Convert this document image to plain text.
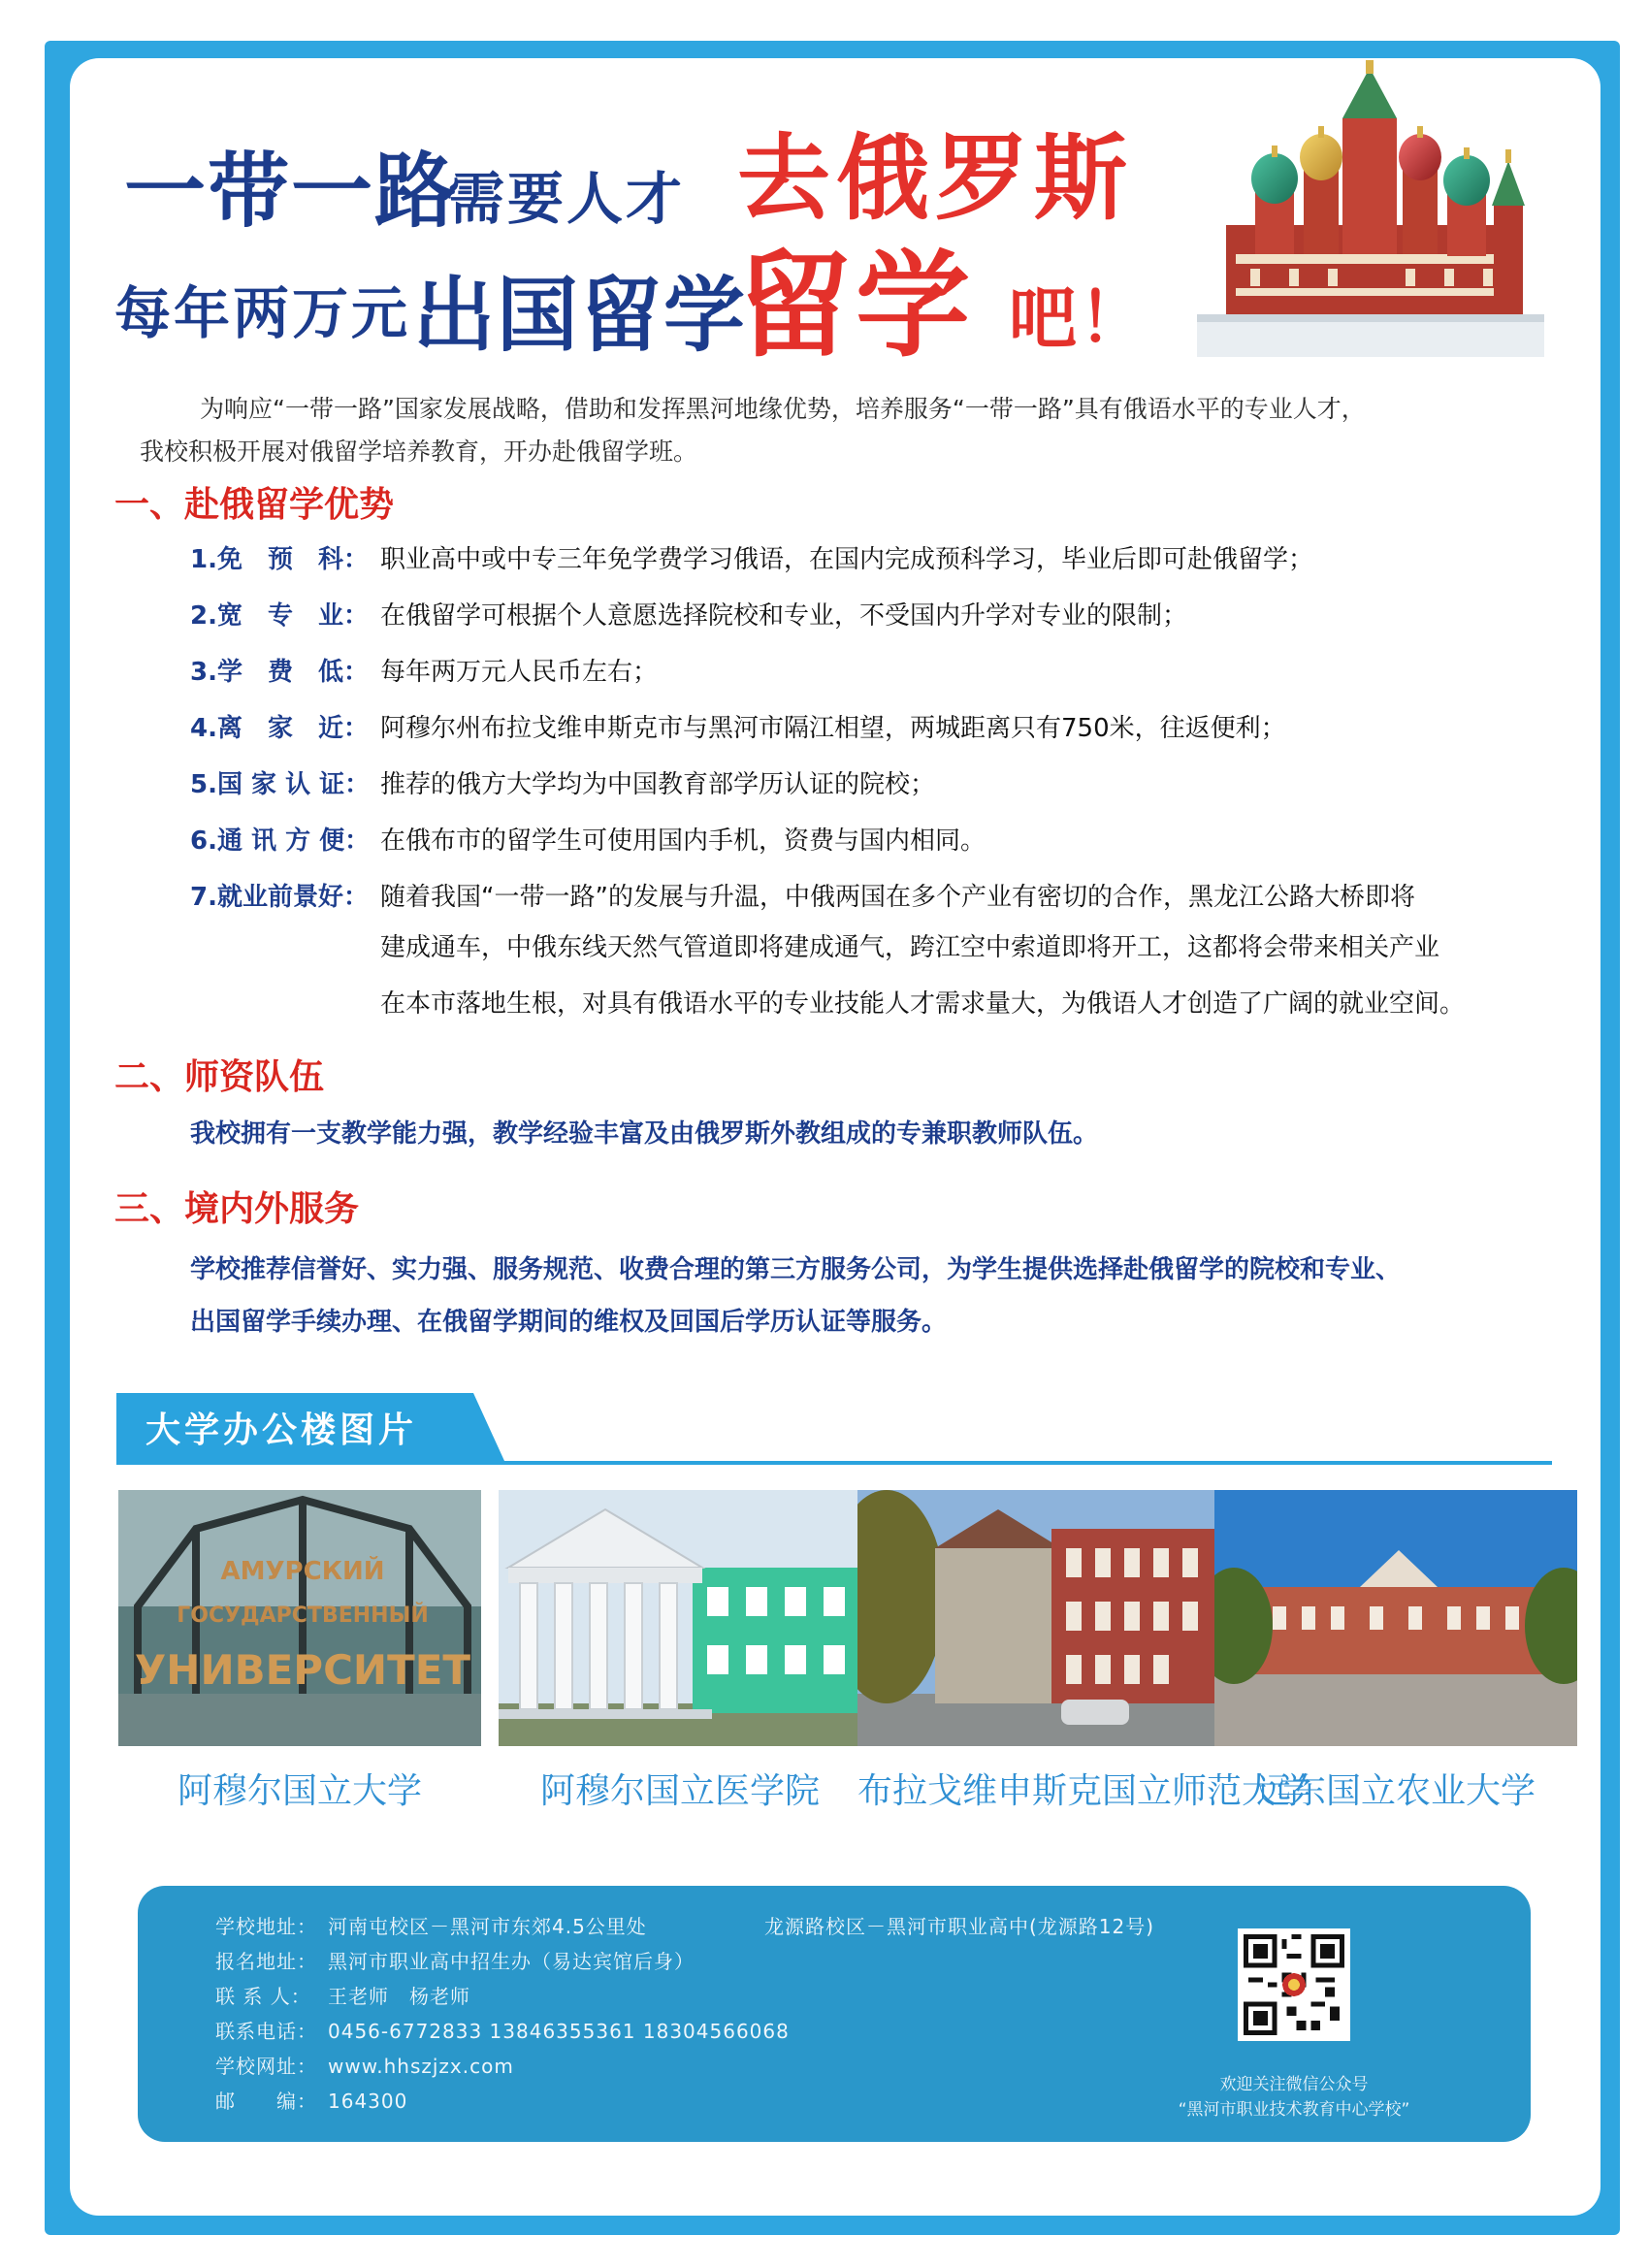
一带一路
需要人才 去俄罗斯
每年两万元 出国留学
留学 吧！

为响应“一带一路”国家发展战略，借助和发挥黑河地缘优势，培养服务“一带一路”具有俄语水平的专业人才，

我校积极开展对俄留学培养教育，开办赴俄留学班。

一、赴俄留学优势
1.免　预　科： 职业高中或中专三年免学费学习俄语，在国内完成预科学习，毕业后即可赴俄留学；
2.宽　专　业： 在俄留学可根据个人意愿选择院校和专业，不受国内升学对专业的限制；
3.学　费　低： 每年两万元人民币左右；
4.离　家　近： 阿穆尔州布拉戈维申斯克市与黑河市隔江相望，两城距离只有750米，往返便利；
5.国 家 认 证： 推荐的俄方大学均为中国教育部学历认证的院校；
6.通 讯 方 便： 在俄布市的留学生可使用国内手机，资费与国内相同。
7.就业前景好： 随着我国“一带一路”的发展与升温，中俄两国在多个产业有密切的合作，黑龙江公路大桥即将
建成通车，中俄东线天然气管道即将建成通气，跨江空中索道即将开工，这都将会带来相关产业
在本市落地生根，对具有俄语水平的专业技能人才需求量大，为俄语人才创造了广阔的就业空间。
二、师资队伍
我校拥有一支教学能力强，教学经验丰富及由俄罗斯外教组成的专兼职教师队伍。
三、境内外服务
学校推荐信誉好、实力强、服务规范、收费合理的第三方服务公司，为学生提供选择赴俄留学的院校和专业、
出国留学手续办理、在俄留学期间的维权及回国后学历认证等服务。
大学办公楼图片
АМУРСКИЙ
ГОСУДАРСТВЕННЫЙ
УНИВЕРСИТЕТ
阿穆尔国立大学	阿穆尔国立医学院	布拉戈维申斯克国立师范大学
远东国立农业大学
学校地址： 河南屯校区－黑河市东郊4.5公里处	龙源路校区－黑河市职业高中(龙源路12号)
报名地址： 黑河市职业高中招生办（易达宾馆后身）
联 系 人： 王老师　杨老师
联系电话： 0456-6772833 13846355361 18304566068
学校网址： www.hhszjzx.com
邮　　编： 164300
欢迎关注微信公众号
“黑河市职业技术教育中心学校”
